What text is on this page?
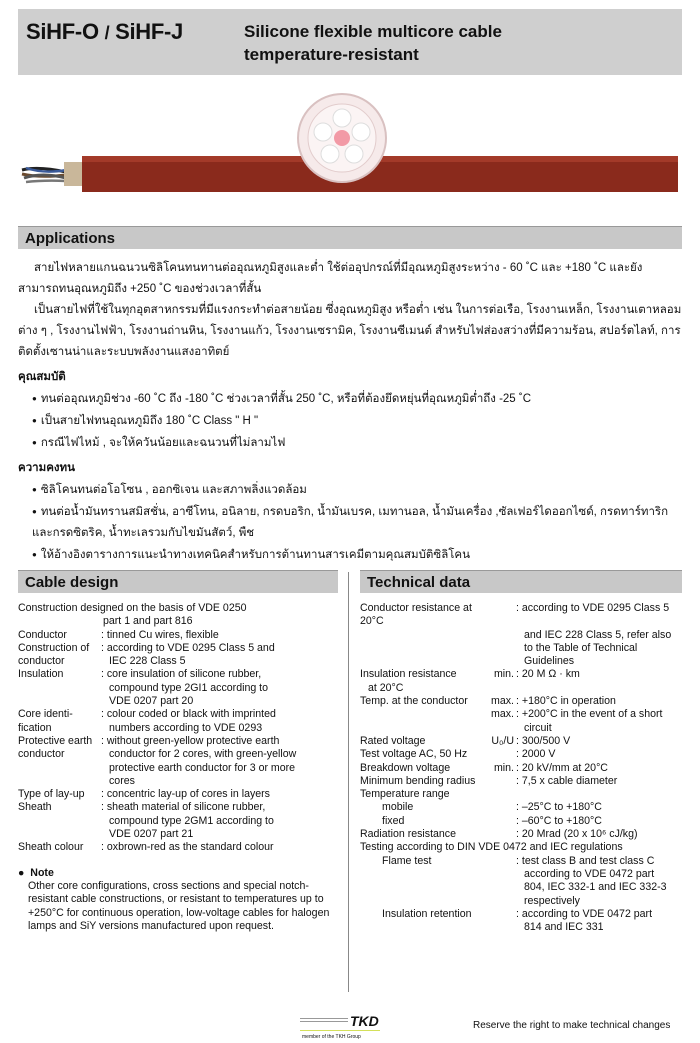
SiHF-O / SiHF-J	Silicone flexible multicore cable
temperature-resistant
Applications

สายไฟหลายแกนฉนวนซิลิโคนทนทานต่ออุณหภูมิสูงและต่ำ ใช้ต่ออุปกรณ์ที่มีอุณหภูมิสูงระหว่าง - 60 ˚C และ +180 ˚C และยังสามารถทนอุณหภูมิถึง +250 ˚C ของช่วงเวลาที่สั้น

เป็นสายไฟที่ใช้ในทุกอุตสาหกรรมที่มีแรงกระทำต่อสายน้อย ซึ่งอุณหภูมิสูง หรือต่ำ เช่น ในการต่อเรือ, โรงงานเหล็ก, โรงงานเตาหลอมต่าง ๆ , โรงงานไฟฟ้า, โรงงานถ่านหิน, โรงงานแก้ว, โรงงานเซรามิค, โรงงานซีเมนต์ สำหรับไฟส่องสว่างที่มีความร้อน, สปอร์ตไลท์, การติดตั้งเซานน่าและระบบพลังงานแสงอาทิตย์

คุณสมบัติ

● ทนต่ออุณหภูมิช่วง -60 ˚C ถึง -180 ˚C ช่วงเวลาที่สั้น 250 ˚C, หรือที่ต้องยึดหยุ่นที่อุณหภูมิต่ำถึง -25 ˚C

● เป็นสายไฟทนอุณหภูมิถึง 180 ˚C Class " H "

● กรณีไฟไหม้ , จะให้ควันน้อยและฉนวนที่ไม่ลามไฟ

ความคงทน

● ซิลิโคนทนต่อโอโซน , ออกซิเจน และสภาพลิ่งแวดล้อม

● ทนต่อน้ำมันทรานสมิสชั่น, อาซีโทน, อนิลาย, กรดบอริก, น้ำมันเบรค, เมทานอล, น้ำมันเครื่อง ,ซัลเฟอร์ไดออกไซด์, กรดทาร์ทาริก และกรดซิตริค, น้ำทะเลรวมกับไขมันสัตว์, พืช

● ให้อ้างอิงตารางการแนะนำทางเทคนิคสำหรับการต้านทานสารเคมีตามคุณสมบัติซิลิโคน

Cable design
Construction designed on the basis of VDE 0250
part 1 and part 816
Conductor	: tinned Cu wires, flexible
Construction of	: according to VDE 0295 Class 5 and
conductor	IEC 228 Class 5
Insulation	: core insulation of silicone rubber,
compound type 2GI1 according to
VDE 0207 part 20
Core identi-	: colour coded or black with imprinted
fication	numbers according to VDE 0293
Protective earth : without green-yellow protective earth
conductor	conductor for 2 cores, with green-yellow
protective earth conductor for 3 or more
cores
Type of lay-up	: concentric lay-up of cores in layers
Sheath	: sheath material of silicone rubber,
compound type 2GM1 according to
VDE 0207 part 21
Sheath colour	: oxbrown-red as the standard colour
●  Note
Other core configurations, cross sections and special notch-resistant cable constructions, or resistant to temperatures up to +250°C for continuous operation, low-voltage cables for halogen lamps and SiY versions manufactured upon request.
Technical data
Conductor resistance at 20°C
: according to VDE 0295 Class 5
and IEC 228 Class 5, refer also
to the Table of Technical
Guidelines
Insulation resistance	min. : 20 M Ω · km
at 20°C
Temp. at the conductor	max. : +180°C in operation
max. : +200°C in the event of a short
circuit
Rated voltage	U₀/U : 300/500 V
Test voltage AC, 50 Hz	: 2000 V
Breakdown voltage	min. : 20 kV/mm at 20°C
Minimum bending radius	: 7,5 x cable diameter
Temperature range
mobile	: –25°C to +180°C
fixed	: –60°C to +180°C
Radiation resistance	: 20 Mrad (20 x 10⁶ cJ/kg)
Testing according to DIN VDE 0472 and IEC regulations
Flame test	: test class B and test class C
according to VDE 0472 part
804, IEC 332-1 and IEC 332-3
respectively
Insulation retention	: according to VDE 0472 part
814 and IEC 331
TKD
member of the TKH Group
Reserve the right to make technical changes
